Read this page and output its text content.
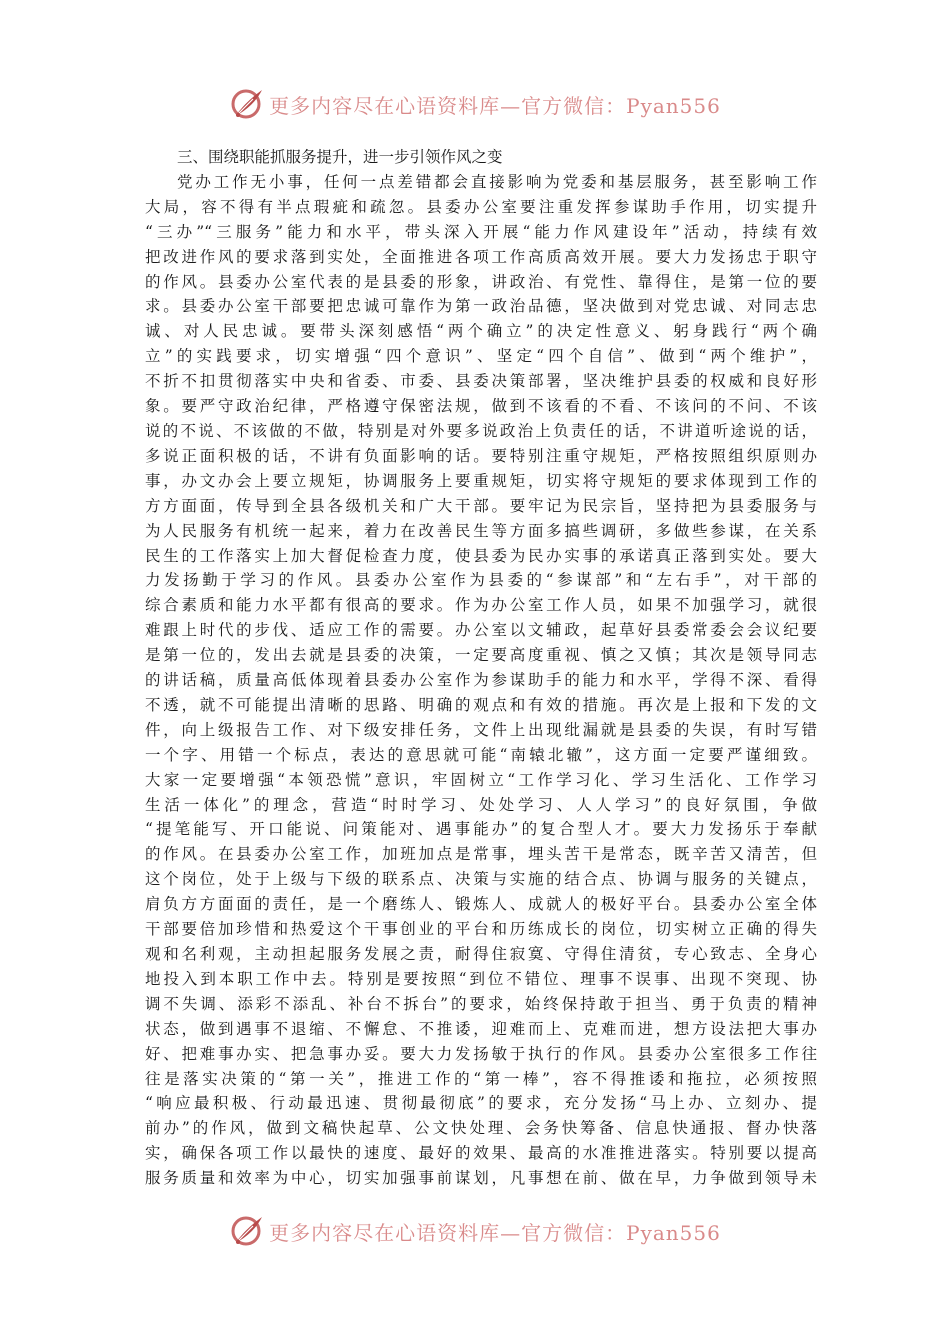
更多内容尽在心语资料库—官方微信：Pyan556

三、围绕职能抓服务提升，进一步引领作风之变

党办工作无小事，任何一点差错都会直接影响为党委和基层服务，甚至影响工作

大局，容不得有半点瑕疵和疏忽。县委办公室要注重发挥参谋助手作用，切实提升

“三办”“三服务”能力和水平，带头深入开展“能力作风建设年”活动，持续有效

把改进作风的要求落到实处，全面推进各项工作高质高效开展。要大力发扬忠于职守

的作风。县委办公室代表的是县委的形象，讲政治、有党性、靠得住，是第一位的要

求。县委办公室干部要把忠诚可靠作为第一政治品德，坚决做到对党忠诚、对同志忠

诚、对人民忠诚。要带头深刻感悟“两个确立”的决定性意义、躬身践行“两个确

立”的实践要求，切实增强“四个意识”、坚定“四个自信”、做到“两个维护”，

不折不扣贯彻落实中央和省委、市委、县委决策部署，坚决维护县委的权威和良好形

象。要严守政治纪律，严格遵守保密法规，做到不该看的不看、不该问的不问、不该

说的不说、不该做的不做，特别是对外要多说政治上负责任的话，不讲道听途说的话，

多说正面积极的话，不讲有负面影响的话。要特别注重守规矩，严格按照组织原则办

事，办文办会上要立规矩，协调服务上要重规矩，切实将守规矩的要求体现到工作的

方方面面，传导到全县各级机关和广大干部。要牢记为民宗旨，坚持把为县委服务与

为人民服务有机统一起来，着力在改善民生等方面多搞些调研，多做些参谋，在关系

民生的工作落实上加大督促检查力度，使县委为民办实事的承诺真正落到实处。要大

力发扬勤于学习的作风。县委办公室作为县委的“参谋部”和“左右手”，对干部的

综合素质和能力水平都有很高的要求。作为办公室工作人员，如果不加强学习，就很

难跟上时代的步伐、适应工作的需要。办公室以文辅政，起草好县委常委会会议纪要

是第一位的，发出去就是县委的决策，一定要高度重视、慎之又慎；其次是领导同志

的讲话稿，质量高低体现着县委办公室作为参谋助手的能力和水平，学得不深、看得

不透，就不可能提出清晰的思路、明确的观点和有效的措施。再次是上报和下发的文

件，向上级报告工作、对下级安排任务，文件上出现纰漏就是县委的失误，有时写错

一个字、用错一个标点，表达的意思就可能“南辕北辙”，这方面一定要严谨细致。

大家一定要增强“本领恐慌”意识，牢固树立“工作学习化、学习生活化、工作学习

生活一体化”的理念，营造“时时学习、处处学习、人人学习”的良好氛围，争做

“提笔能写、开口能说、问策能对、遇事能办”的复合型人才。要大力发扬乐于奉献

的作风。在县委办公室工作，加班加点是常事，埋头苦干是常态，既辛苦又清苦，但

这个岗位，处于上级与下级的联系点、决策与实施的结合点、协调与服务的关键点，

肩负方方面面的责任，是一个磨练人、锻炼人、成就人的极好平台。县委办公室全体

干部要倍加珍惜和热爱这个干事创业的平台和历练成长的岗位，切实树立正确的得失

观和名利观，主动担起服务发展之责，耐得住寂寞、守得住清贫，专心致志、全身心

地投入到本职工作中去。特别是要按照“到位不错位、理事不误事、出现不突现、协

调不失调、添彩不添乱、补台不拆台”的要求，始终保持敢于担当、勇于负责的精神

状态，做到遇事不退缩、不懈怠、不推诿，迎难而上、克难而进，想方设法把大事办

好、把难事办实、把急事办妥。要大力发扬敏于执行的作风。县委办公室很多工作往

往是落实决策的“第一关”，推进工作的“第一棒”，容不得推诿和拖拉，必须按照

“响应最积极、行动最迅速、贯彻最彻底”的要求，充分发扬“马上办、立刻办、提

前办”的作风，做到文稿快起草、公文快处理、会务快筹备、信息快通报、督办快落

实，确保各项工作以最快的速度、最好的效果、最高的水准推进落实。特别要以提高

服务质量和效率为中心，切实加强事前谋划，凡事想在前、做在早，力争做到领导未

更多内容尽在心语资料库—官方微信：Pyan556
